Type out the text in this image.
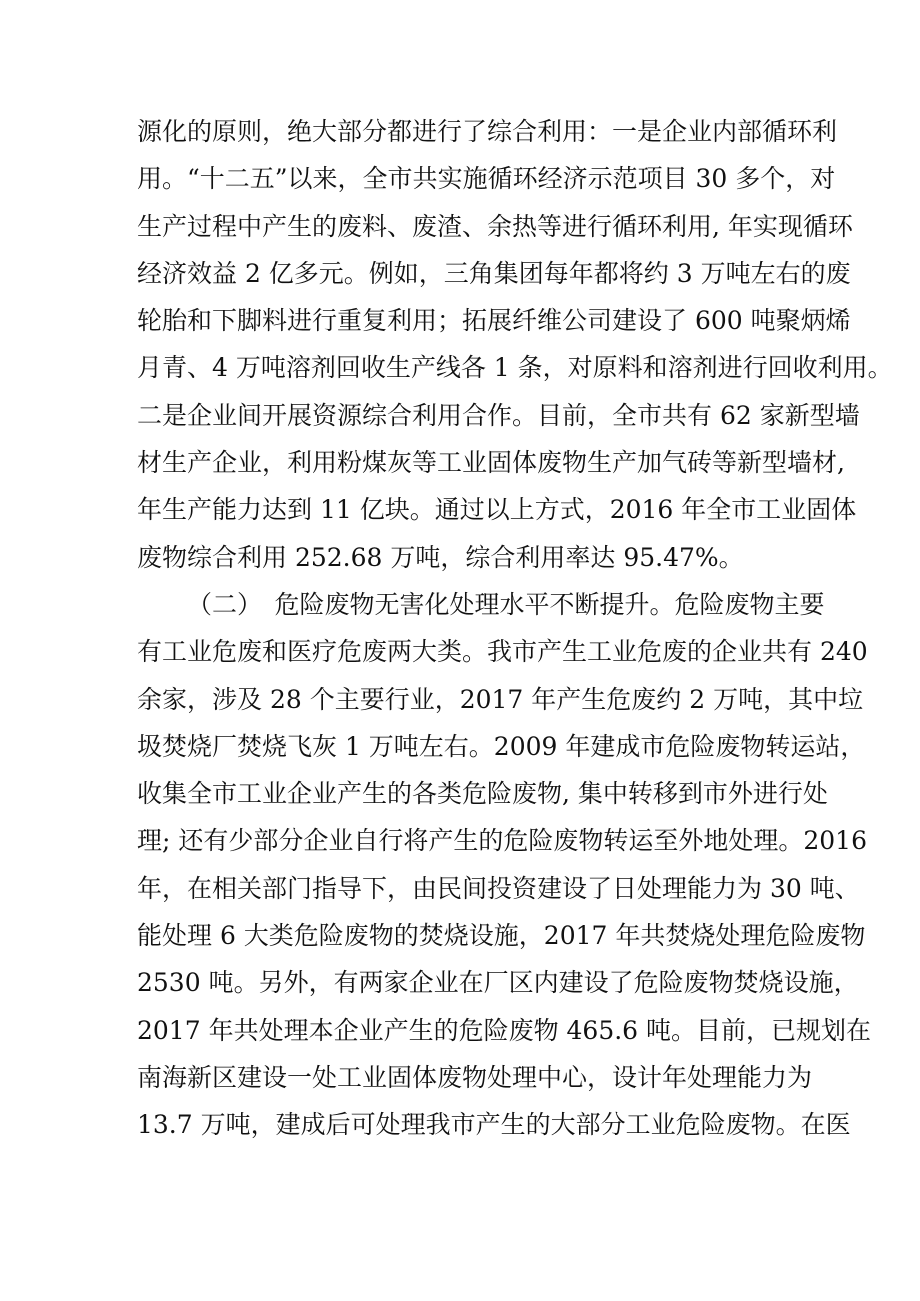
源化的原则，绝大部分都进行了综合利用：一是企业内部循环利
用。“十二五”以来，全市共实施循环经济示范项目 30 多个，对
生产过程中产生的废料、废渣、余热等进行循环利用, 年实现循环
经济效益 2 亿多元。例如，三角集团每年都将约 3 万吨左右的废
轮胎和下脚料进行重复利用；拓展纤维公司建设了 600 吨聚炳烯
月青、4 万吨溶剂回收生产线各 1 条，对原料和溶剂进行回收利用。
二是企业间开展资源综合利用合作。目前，全市共有 62 家新型墙
材生产企业，利用粉煤灰等工业固体废物生产加气砖等新型墙材,
年生产能力达到 11 亿块。通过以上方式，2016 年全市工业固体
废物综合利用 252.68 万吨，综合利用率达 95.47%。
（二）　危险废物无害化处理水平不断提升。危险废物主要
有工业危废和医疗危废两大类。我市产生工业危废的企业共有 240
余家，涉及 28 个主要行业，2017 年产生危废约 2 万吨，其中垃
圾焚烧厂焚烧飞灰 1 万吨左右。2009 年建成市危险废物转运站，
收集全市工业企业产生的各类危险废物, 集中转移到市外进行处
理; 还有少部分企业自行将产生的危险废物转运至外地处理。2016
年，在相关部门指导下，由民间投资建设了日处理能力为 30 吨、
能处理 6 大类危险废物的焚烧设施，2017 年共焚烧处理危险废物
2530 吨。另外，有两家企业在厂区内建设了危险废物焚烧设施，
2017 年共处理本企业产生的危险废物 465.6 吨。目前，已规划在
南海新区建设一处工业固体废物处理中心，设计年处理能力为
13.7 万吨，建成后可处理我市产生的大部分工业危险废物。在医
